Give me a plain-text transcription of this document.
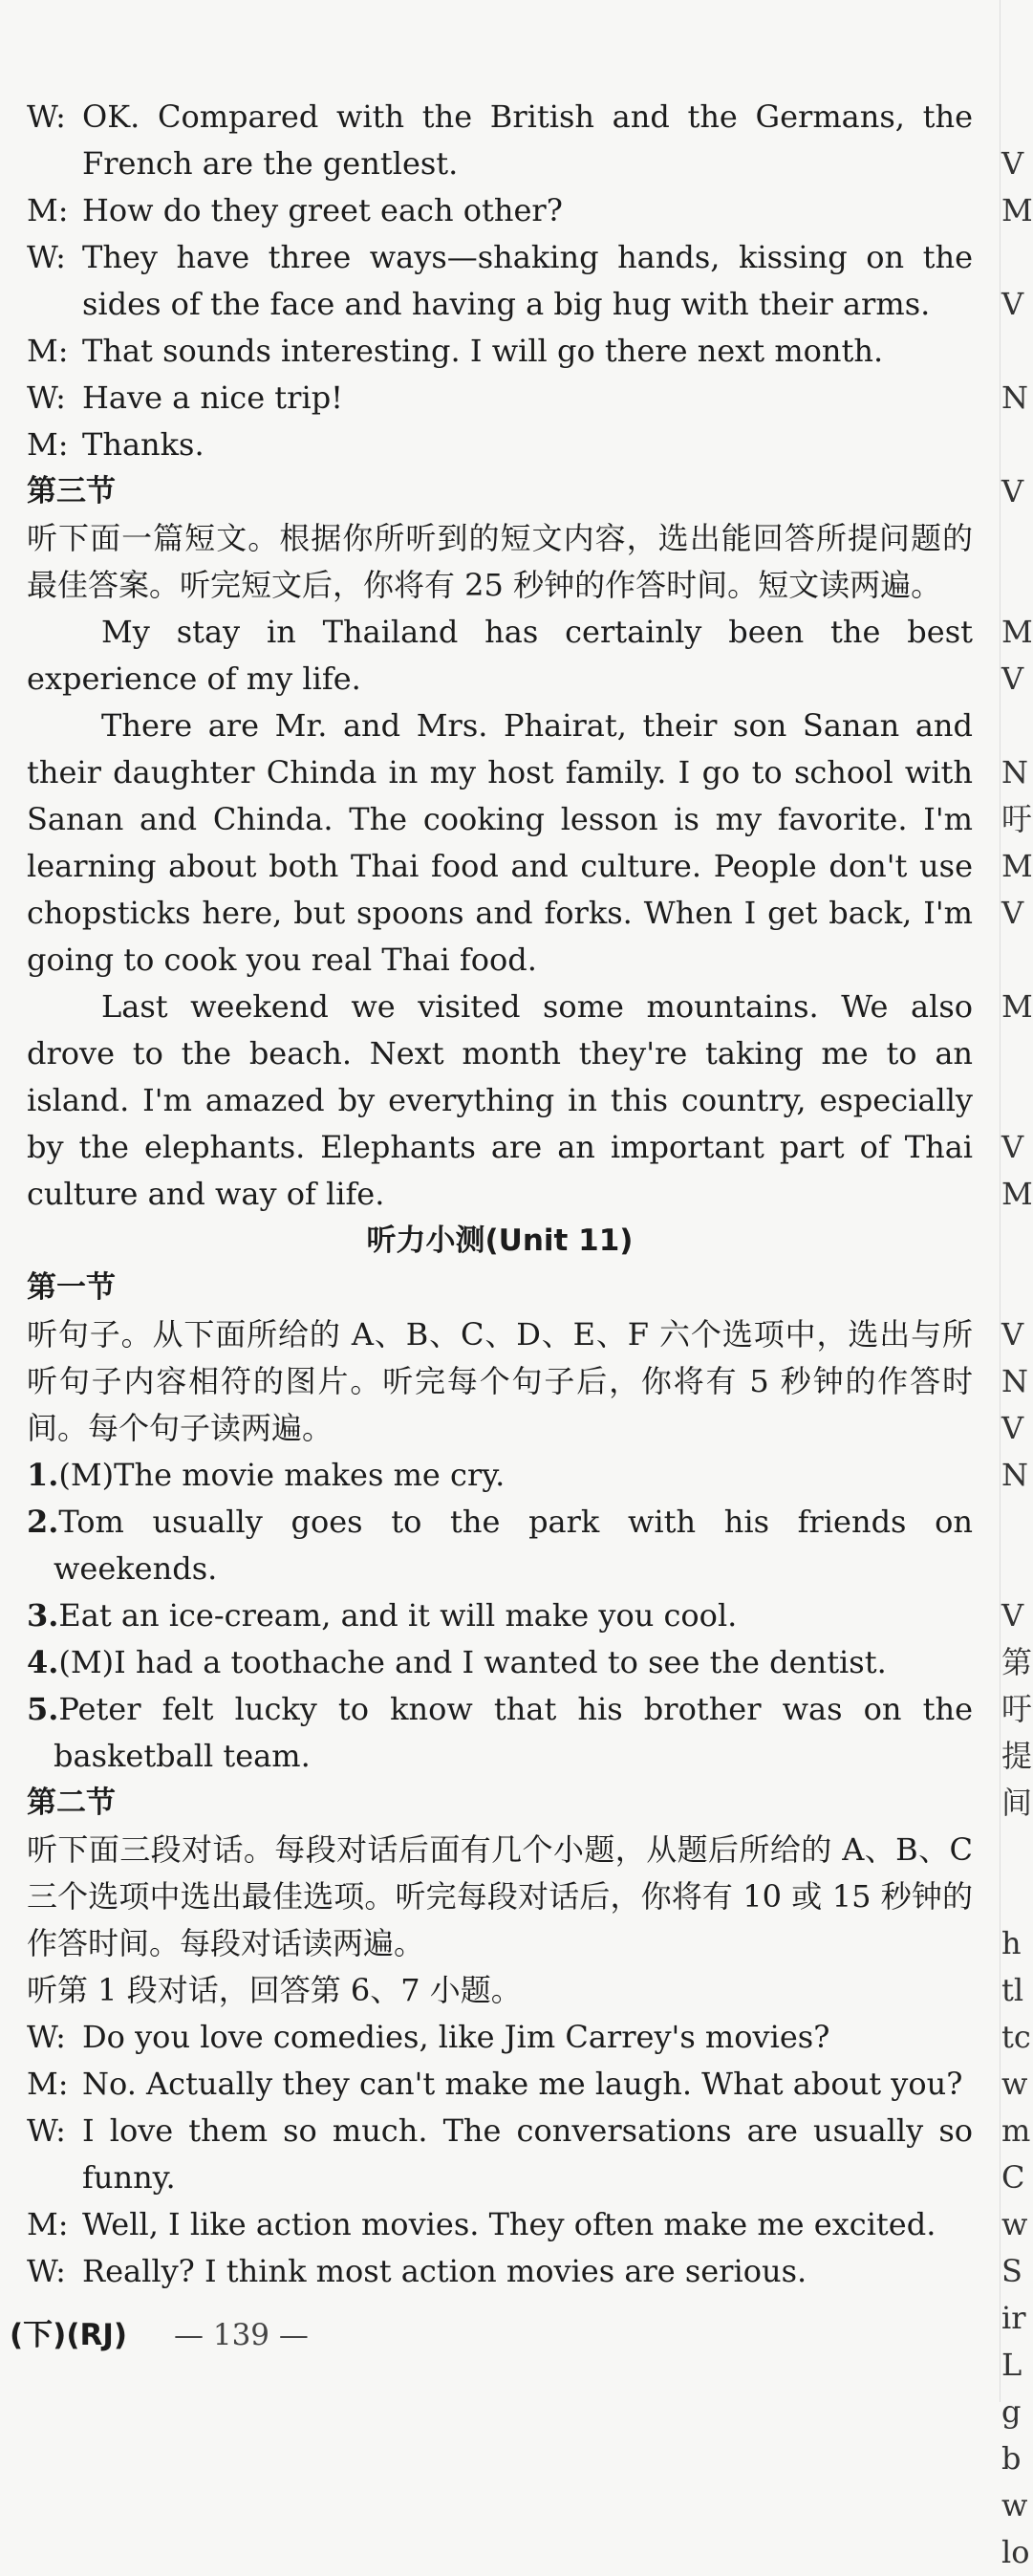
W: OK. Compared with the British and the Germans, the French are the gentlest.
M: How do they greet each other?
W: They have three ways—shaking hands, kissing on the sides of the face and having a big hug with their arms.
M: That sounds interesting. I will go there next month.
W: Have a nice trip!
M: Thanks.
第三节
听下面一篇短文。根据你所听到的短文内容，选出能回答所提问题的最佳答案。听完短文后，你将有 25 秒钟的作答时间。短文读两遍。
My stay in Thailand has certainly been the best experience of my life.
There are Mr. and Mrs. Phairat, their son Sanan and their daughter Chinda in my host family. I go to school with Sanan and Chinda. The cooking lesson is my favorite. I'm learning about both Thai food and culture. People don't use chopsticks here, but spoons and forks. When I get back, I'm going to cook you real Thai food.
Last weekend we visited some mountains. We also drove to the beach. Next month they're taking me to an island. I'm amazed by everything in this country, especially by the elephants. Elephants are an important part of Thai culture and way of life.
听力小测(Unit 11)
第一节
听句子。从下面所给的 A、B、C、D、E、F 六个选项中，选出与所听句子内容相符的图片。听完每个句子后，你将有 5 秒钟的作答时间。每个句子读两遍。
1.(M)The movie makes me cry.
2.Tom usually goes to the park with his friends on weekends.
3.Eat an ice-cream, and it will make you cool.
4.(M)I had a toothache and I wanted to see the dentist.
5.Peter felt lucky to know that his brother was on the basketball team.
第二节
听下面三段对话。每段对话后面有几个小题，从题后所给的 A、B、C 三个选项中选出最佳选项。听完每段对话后，你将有 10 或 15 秒钟的作答时间。每段对话读两遍。
听第 1 段对话，回答第 6、7 小题。
W: Do you love comedies, like Jim Carrey's movies?
M: No. Actually they can't make me laugh. What about you?
W: I love them so much. The conversations are usually so funny.
M: Well, I like action movies. They often make me excited.
W: Really? I think most action movies are serious.
(下)(RJ) — 139 —
V
M
V
N
V
M
V
N
吁
M
V
M
V
M
V
N
V
N
V
第
吁
提
间
h
tl
tc
w
m
C
w
S
ir
L
g
b
w
lo
